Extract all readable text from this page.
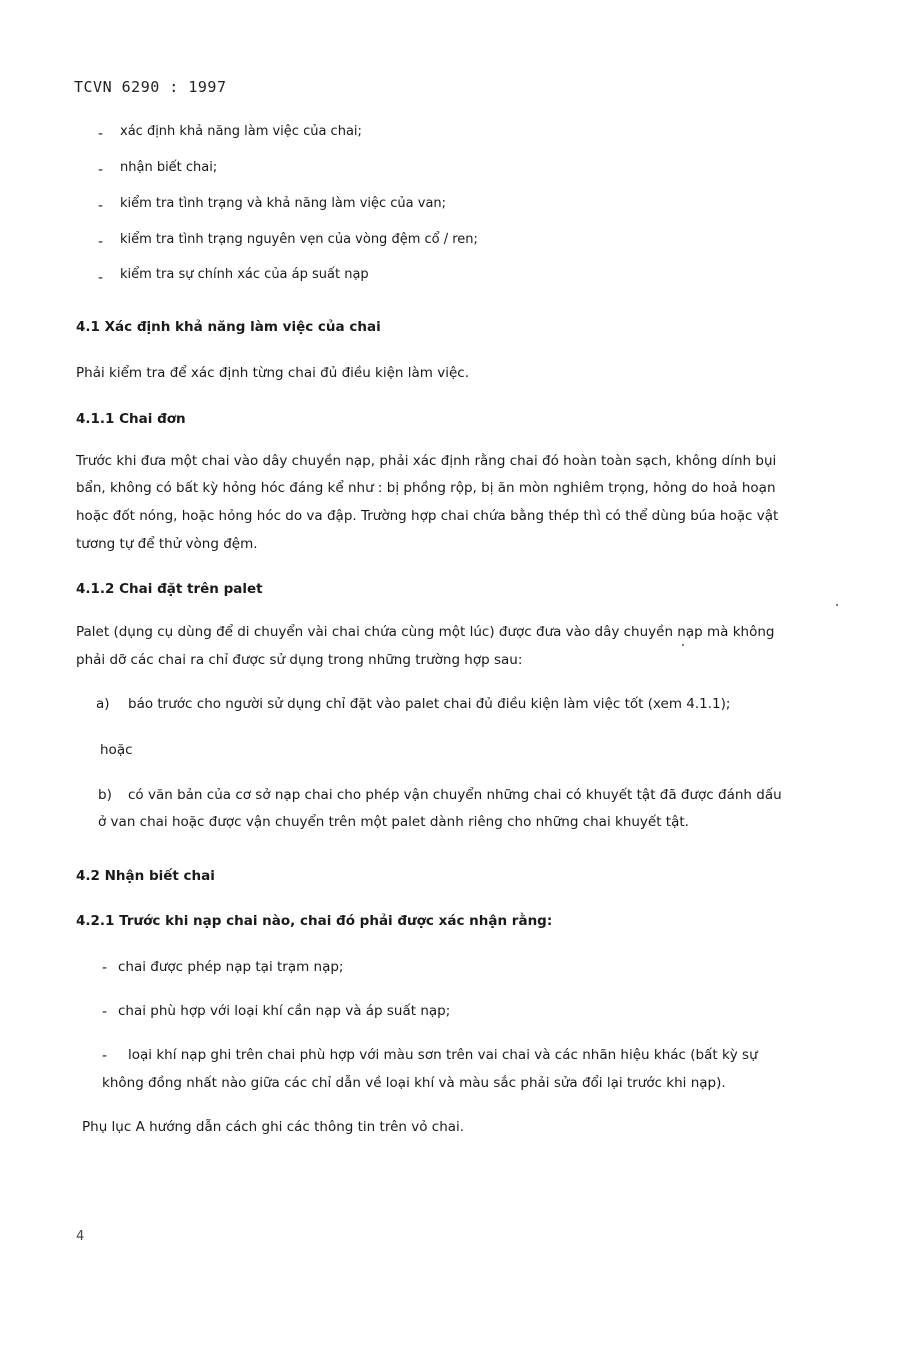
TCVN 6290 : 1997
- xác định khả năng làm việc của chai;
- nhận biết chai;
- kiểm tra tình trạng và khả năng làm việc của van;
- kiểm tra tình trạng nguyên vẹn của vòng đệm cổ / ren;
- kiểm tra sự chính xác của áp suất nạp
4.1 Xác định khả năng làm việc của chai
Phải kiểm tra để xác định từng chai đủ điều kiện làm việc.
4.1.1 Chai đơn
Trước khi đưa một chai vào dây chuyền nạp, phải xác định rằng chai đó hoàn toàn sạch, không dính bụi
bẩn, không có bất kỳ hỏng hóc đáng kể như : bị phồng rộp, bị ăn mòn nghiêm trọng, hỏng do hoả hoạn
hoặc đốt nóng, hoặc hỏng hóc do va đập. Trường hợp chai chứa bằng thép thì có thể dùng búa hoặc vật
tương tự để thử vòng đệm.
4.1.2 Chai đặt trên palet
Palet (dụng cụ dùng để di chuyển vài chai chứa cùng một lúc) được đưa vào dây chuyền nạp mà không
phải dỡ các chai ra chỉ được sử dụng trong những trường hợp sau:
a) báo trước cho người sử dụng chỉ đặt vào palet chai đủ điều kiện làm việc tốt (xem 4.1.1);
hoặc
b) có văn bản của cơ sở nạp chai cho phép vận chuyển những chai có khuyết tật đã được đánh dấu
ở van chai hoặc được vận chuyển trên một palet dành riêng cho những chai khuyết tật.
4.2 Nhận biết chai
4.2.1 Trước khi nạp chai nào, chai đó phải được xác nhận rằng:
- chai được phép nạp tại trạm nạp;
- chai phù hợp với loại khí cần nạp và áp suất nạp;
- loại khí nạp ghi trên chai phù hợp với màu sơn trên vai chai và các nhãn hiệu khác (bất kỳ sự
không đồng nhất nào giữa các chỉ dẫn về loại khí và màu sắc phải sửa đổi lại trước khi nạp).
Phụ lục A hướng dẫn cách ghi các thông tin trên vỏ chai.
4
